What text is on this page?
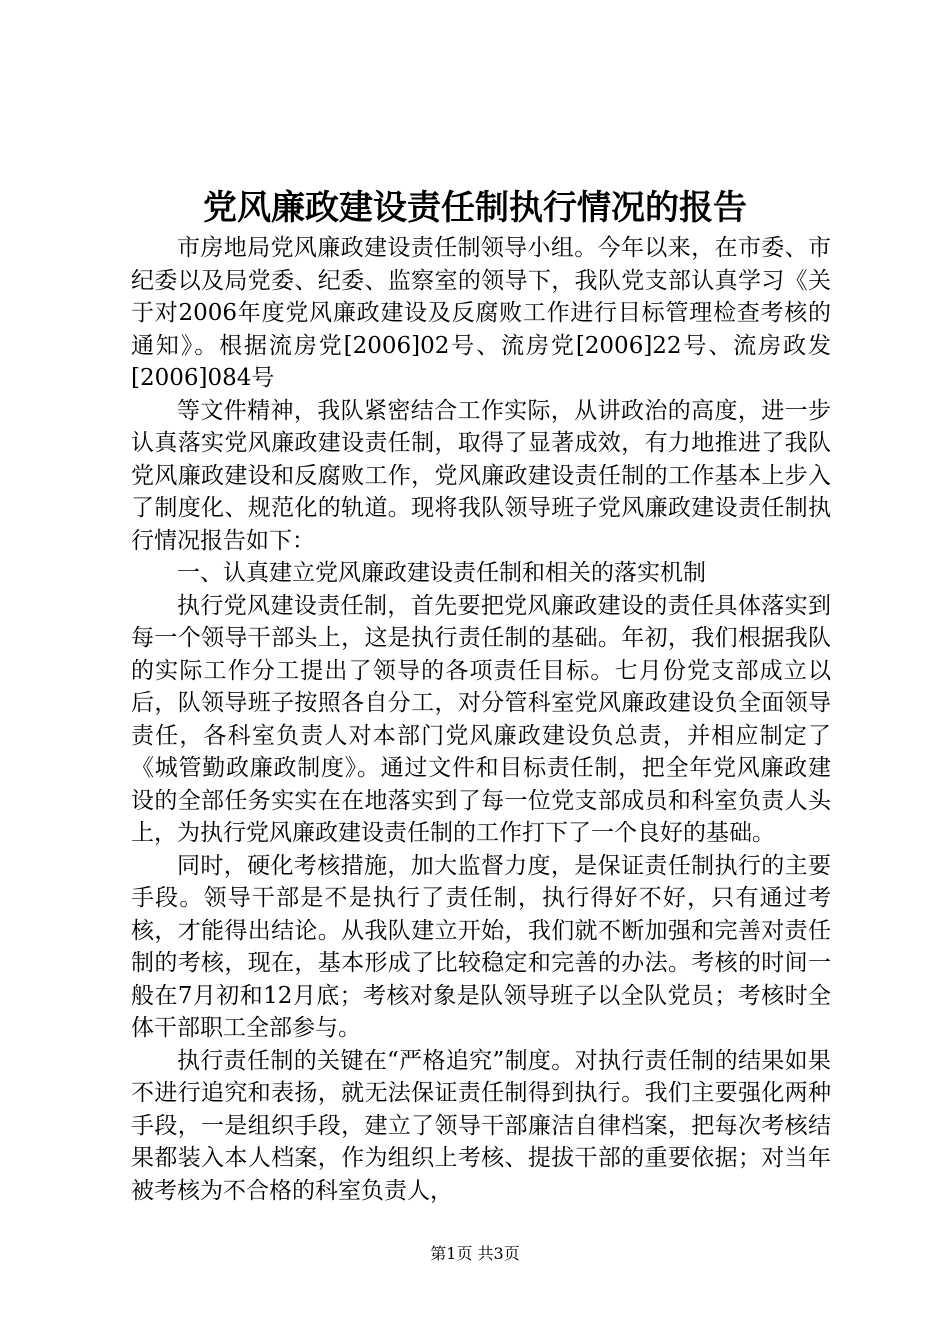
党风廉政建设责任制执行情况的报告

市房地局党风廉政建设责任制领导小组。今年以来，在市委、市纪委以及局党委、纪委、监察室的领导下，我队党支部认真学习《关于对2006年度党风廉政建设及反腐败工作进行目标管理检查考核的通知》。根据流房党[2006]02号、流房党[2006]22号、流房政发[2006]084号

等文件精神，我队紧密结合工作实际，从讲政治的高度，进一步认真落实党风廉政建设责任制，取得了显著成效，有力地推进了我队党风廉政建设和反腐败工作，党风廉政建设责任制的工作基本上步入了制度化、规范化的轨道。现将我队领导班子党风廉政建设责任制执行情况报告如下：

一、认真建立党风廉政建设责任制和相关的落实机制

执行党风建设责任制，首先要把党风廉政建设的责任具体落实到每一个领导干部头上，这是执行责任制的基础。年初，我们根据我队的实际工作分工提出了领导的各项责任目标。七月份党支部成立以后，队领导班子按照各自分工，对分管科室党风廉政建设负全面领导责任，各科室负责人对本部门党风廉政建设负总责，并相应制定了《城管勤政廉政制度》。通过文件和目标责任制，把全年党风廉政建设的全部任务实实在在地落实到了每一位党支部成员和科室负责人头上，为执行党风廉政建设责任制的工作打下了一个良好的基础。

同时，硬化考核措施，加大监督力度，是保证责任制执行的主要手段。领导干部是不是执行了责任制，执行得好不好，只有通过考核，才能得出结论。从我队建立开始，我们就不断加强和完善对责任制的考核，现在，基本形成了比较稳定和完善的办法。考核的时间一般在7月初和12月底；考核对象是队领导班子以全队党员；考核时全体干部职工全部参与。

执行责任制的关键在“严格追究”制度。对执行责任制的结果如果不进行追究和表扬，就无法保证责任制得到执行。我们主要强化两种手段，一是组织手段，建立了领导干部廉洁自律档案，把每次考核结果都装入本人档案，作为组织上考核、提拔干部的重要依据；对当年被考核为不合格的科室负责人，

第1页 共3页
